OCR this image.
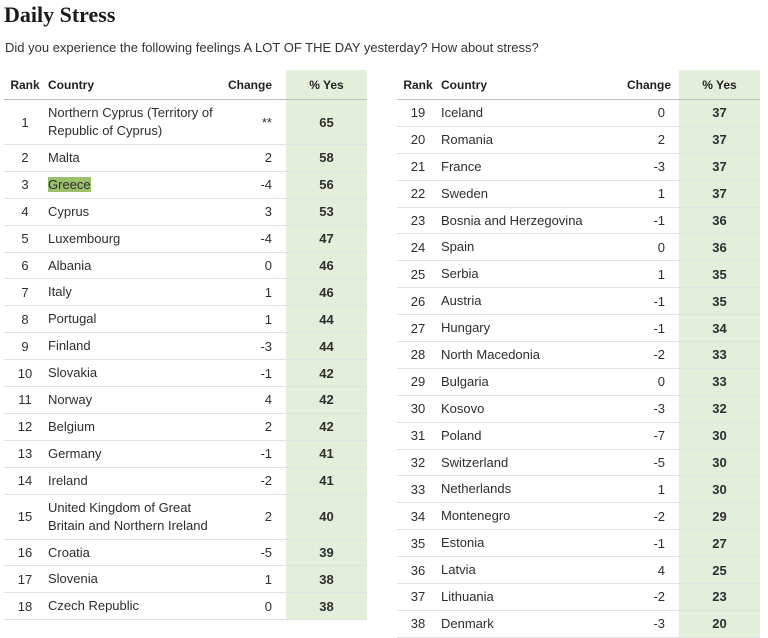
Daily Stress
Did you experience the following feelings A LOT OF THE DAY yesterday? How about stress?
Rank	Country	Change	% Yes
1	Northern Cyprus (Territory of Republic of Cyprus)	**	65
2	Malta	2	58
3	Greece	-4	56
4	Cyprus	3	53
5	Luxembourg	-4	47
6	Albania	0	46
7	Italy	1	46
8	Portugal	1	44
9	Finland	-3	44
10	Slovakia	-1	42
11	Norway	4	42
12	Belgium	2	42
13	Germany	-1	41
14	Ireland	-2	41
15	United Kingdom of Great Britain and Northern Ireland	2	40
16	Croatia	-5	39
17	Slovenia	1	38
18	Czech Republic	0	38
Rank	Country	Change	% Yes
19	Iceland	0	37
20	Romania	2	37
21	France	-3	37
22	Sweden	1	37
23	Bosnia and Herzegovina	-1	36
24	Spain	0	36
25	Serbia	1	35
26	Austria	-1	35
27	Hungary	-1	34
28	North Macedonia	-2	33
29	Bulgaria	0	33
30	Kosovo	-3	32
31	Poland	-7	30
32	Switzerland	-5	30
33	Netherlands	1	30
34	Montenegro	-2	29
35	Estonia	-1	27
36	Latvia	4	25
37	Lithuania	-2	23
38	Denmark	-3	20
